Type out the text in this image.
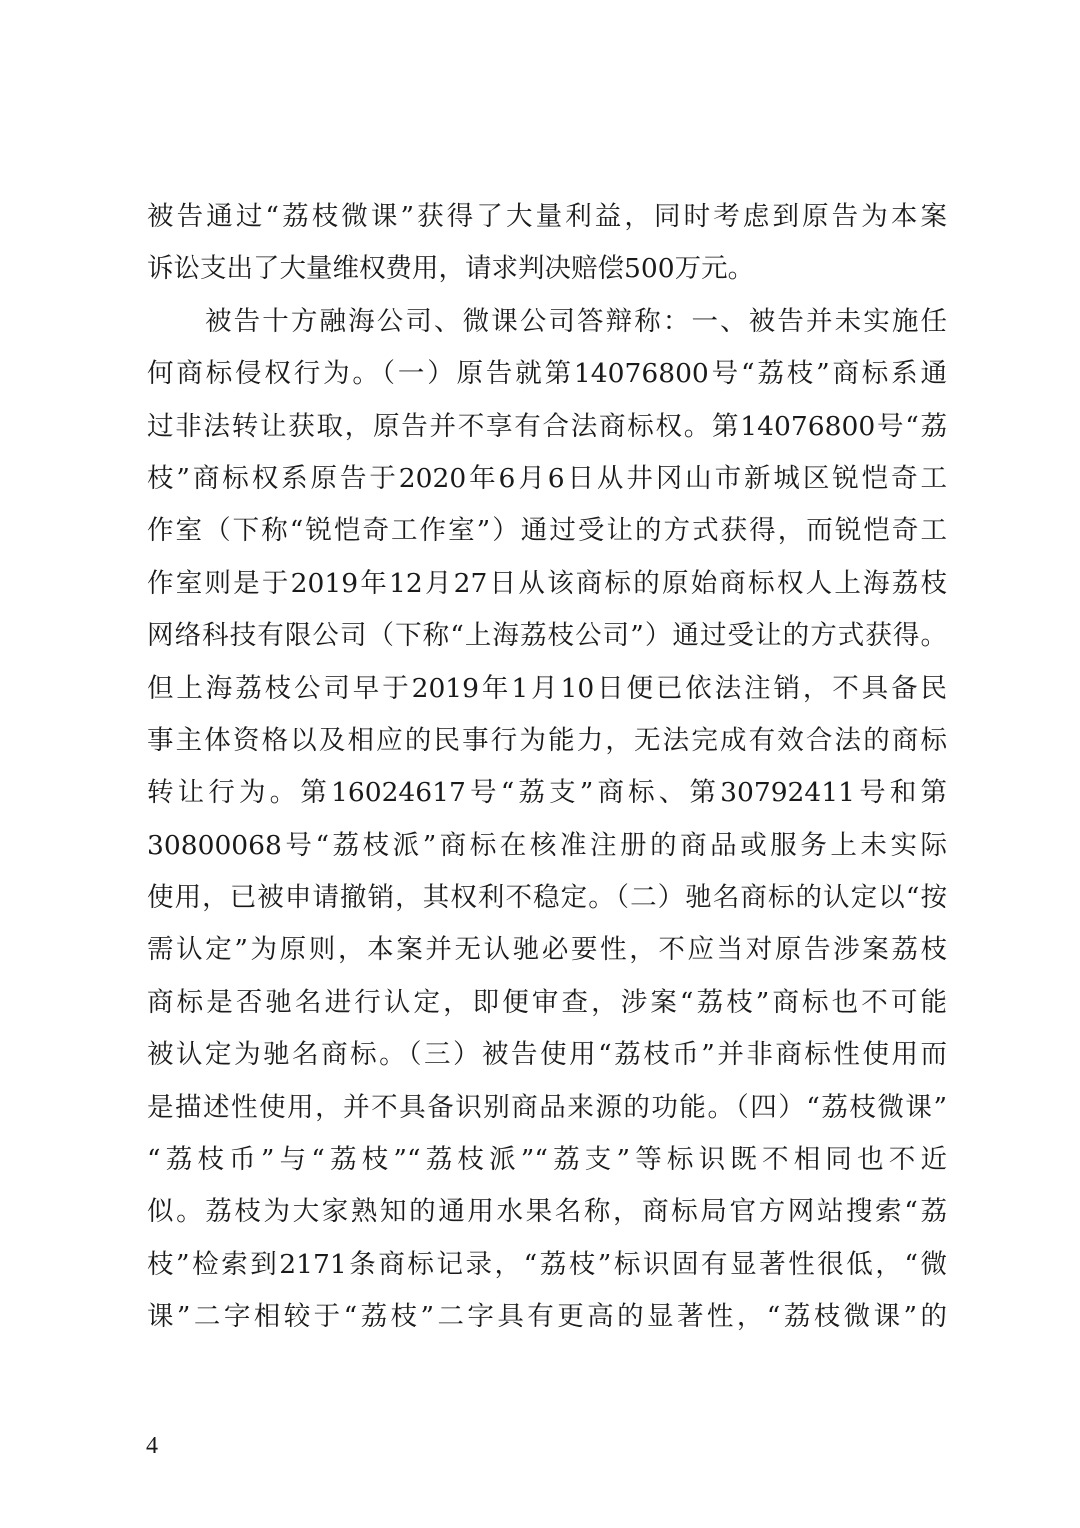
被告通过“荔枝微课”获得了大量利益，同时考虑到原告为本案
诉讼支出了大量维权费用，请求判决赔偿500万元。
被告十方融海公司、微课公司答辩称：一、被告并未实施任
何商标侵权行为。（一）原告就第14076800号“荔枝”商标系通
过非法转让获取，原告并不享有合法商标权。第14076800号“荔
枝”商标权系原告于2020年6月6日从井冈山市新城区锐恺奇工
作室（下称“锐恺奇工作室”）通过受让的方式获得，而锐恺奇工
作室则是于2019年12月27日从该商标的原始商标权人上海荔枝
网络科技有限公司（下称“上海荔枝公司”）通过受让的方式获得。
但上海荔枝公司早于2019年1月10日便已依法注销，不具备民
事主体资格以及相应的民事行为能力，无法完成有效合法的商标
转让行为。第16024617号“荔支”商标、第30792411号和第
30800068号“荔枝派”商标在核准注册的商品或服务上未实际
使用，已被申请撤销，其权利不稳定。（二）驰名商标的认定以“按
需认定”为原则，本案并无认驰必要性，不应当对原告涉案荔枝
商标是否驰名进行认定，即便审查，涉案“荔枝”商标也不可能
被认定为驰名商标。（三）被告使用“荔枝币”并非商标性使用而
是描述性使用，并不具备识别商品来源的功能。（四）“荔枝微课”
“荔枝币”与“荔枝”“荔枝派”“荔支”等标识既不相同也不近
似。荔枝为大家熟知的通用水果名称，商标局官方网站搜索“荔
枝”检索到2171条商标记录，“荔枝”标识固有显著性很低，“微
课”二字相较于“荔枝”二字具有更高的显著性，“荔枝微课”的
4
